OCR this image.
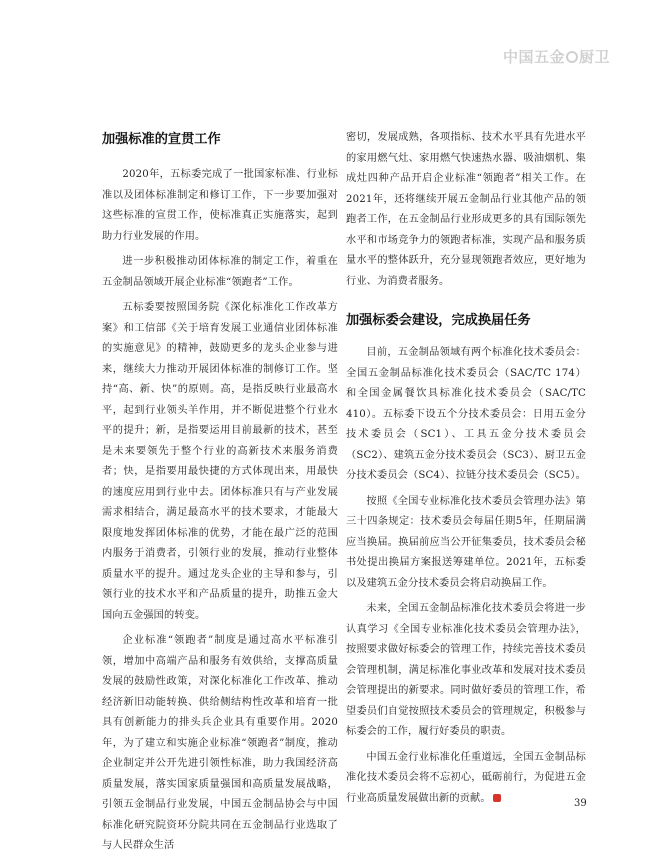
中国五金 厨卫
加强标准的宣贯工作

2020年，五标委完成了一批国家标准、行业标准以及团体标准制定和修订工作，下一步要加强对这些标准的宣贯工作，使标准真正实施落实，起到助力行业发展的作用。

进一步积极推动团体标准的制定工作，着重在五金制品领域开展企业标准“领跑者”工作。

五标委要按照国务院《深化标准化工作改革方案》和工信部《关于培育发展工业通信业团体标准的实施意见》的精神，鼓励更多的龙头企业参与进来，继续大力推动开展团体标准的制修订工作。坚持“高、新、快”的原则。高，是指反映行业最高水平，起到行业领头羊作用，并不断促进整个行业水平的提升；新，是指要运用目前最新的技术，甚至是未来要领先于整个行业的高新技术来服务消费者；快，是指要用最快捷的方式体现出来，用最快的速度应用到行业中去。团体标准只有与产业发展需求相结合，满足最高水平的技术要求，才能最大限度地发挥团体标准的优势，才能在最广泛的范围内服务于消费者，引领行业的发展，推动行业整体质量水平的提升。通过龙头企业的主导和参与，引领行业的技术水平和产品质量的提升，助推五金大国向五金强国的转变。

企业标准“领跑者”制度是通过高水平标准引领，增加中高端产品和服务有效供给，支撑高质量发展的鼓励性政策，对深化标准化工作改革、推动经济新旧动能转换、供给侧结构性改革和培育一批具有创新能力的排头兵企业具有重要作用。2020年，为了建立和实施企业标准“领跑者”制度，推动企业制定并公开先进引领性标准，助力我国经济高质量发展，落实国家质量强国和高质量发展战略，引领五金制品行业发展，中国五金制品协会与中国标准化研究院资环分院共同在五金制品行业选取了与人民群众生活

密切，发展成熟，各项指标、技术水平具有先进水平的家用燃气灶、家用燃气快速热水器、吸油烟机、集成灶四种产品开启企业标准“领跑者”相关工作。在2021年，还将继续开展五金制品行业其他产品的领跑者工作，在五金制品行业形成更多的具有国际领先水平和市场竞争力的领跑者标准，实现产品和服务质量水平的整体跃升，充分显现领跑者效应，更好地为行业、为消费者服务。

加强标委会建设，完成换届任务

目前，五金制品领域有两个标准化技术委员会：全国五金制品标准化技术委员会（SAC/TC 174）和全国金属餐饮具标准化技术委员会（SAC/TC 410）。五标委下设五个分技术委员会：日用五金分技术委员会（SC1）、工具五金分技术委员会（SC2）、建筑五金分技术委员会（SC3）、厨卫五金分技术委员会（SC4）、拉链分技术委员会（SC5）。

按照《全国专业标准化技术委员会管理办法》第三十四条规定：技术委员会每届任期5年，任期届满应当换届。换届前应当公开征集委员，技术委员会秘书处提出换届方案报送筹建单位。2021年，五标委以及建筑五金分技术委员会将启动换届工作。

未来，全国五金制品标准化技术委员会将进一步认真学习《全国专业标准化技术委员会管理办法》，按照要求做好标委会的管理工作，持续完善技术委员会管理机制，满足标准化事业改革和发展对技术委员会管理提出的新要求。同时做好委员的管理工作，希望委员们自觉按照技术委员会的管理规定，积极参与标委会的工作，履行好委员的职责。

中国五金行业标准化任重道远，全国五金制品标准化技术委员会将不忘初心，砥砺前行，为促进五金行业高质量发展做出新的贡献。	39
